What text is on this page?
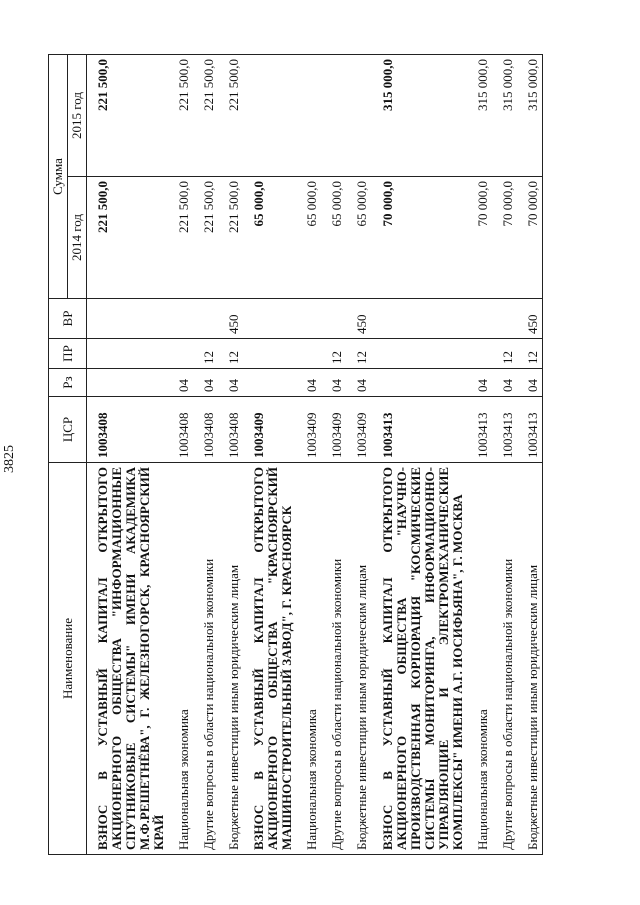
3825
Наименование	ЦСР	Рз	ПР	ВР	Сумма	
					2014 год	2015 год

ВЗНОС В УСТАВНЫЙ КАПИТАЛ ОТКРЫТОГО АКЦИОНЕРНОГО ОБЩЕСТВА "ИНФОРМАЦИОННЫЕ СПУТНИКОВЫЕ СИСТЕМЫ" ИМЕНИ АКАДЕМИКА М.Ф.РЕШЕТНЁВА", Г. ЖЕЛЕЗНОГОРСК, КРАСНОЯРСКИЙ КРАЙ	1003408				221 500,0	221 500,0

Национальная экономика	1003408	04			221 500,0	221 500,0

Другие вопросы в области национальной экономики	1003408	04	12		221 500,0	221 500,0

Бюджетные инвестиции иным юридическим лицам	1003408	04	12	450	221 500,0	221 500,0

ВЗНОС В УСТАВНЫЙ КАПИТАЛ ОТКРЫТОГО АКЦИОНЕРНОГО ОБЩЕСТВА "КРАСНОЯРСКИЙ МАШИНОСТРОИТЕЛЬНЫЙ ЗАВОД", Г. КРАСНОЯРСК	1003409				65 000,0	

Национальная экономика	1003409	04			65 000,0	

Другие вопросы в области национальной экономики	1003409	04	12		65 000,0	

Бюджетные инвестиции иным юридическим лицам	1003409	04	12	450	65 000,0	

ВЗНОС В УСТАВНЫЙ КАПИТАЛ ОТКРЫТОГО АКЦИОНЕРНОГО ОБЩЕСТВА "НАУЧНО-ПРОИЗВОДСТВЕННАЯ КОРПОРАЦИЯ "КОСМИЧЕСКИЕ СИСТЕМЫ МОНИТОРИНГА, ИНФОРМАЦИОННО-УПРАВЛЯЮЩИЕ И ЭЛЕКТРОМЕХАНИЧЕСКИЕ КОМПЛЕКСЫ" ИМЕНИ А.Г. ИОСИФЬЯНА", Г. МОСКВА	1003413				70 000,0	315 000,0

Национальная экономика	1003413	04			70 000,0	315 000,0

Другие вопросы в области национальной экономики	1003413	04	12		70 000,0	315 000,0

Бюджетные инвестиции иным юридическим лицам	1003413	04	12	450	70 000,0	315 000,0
